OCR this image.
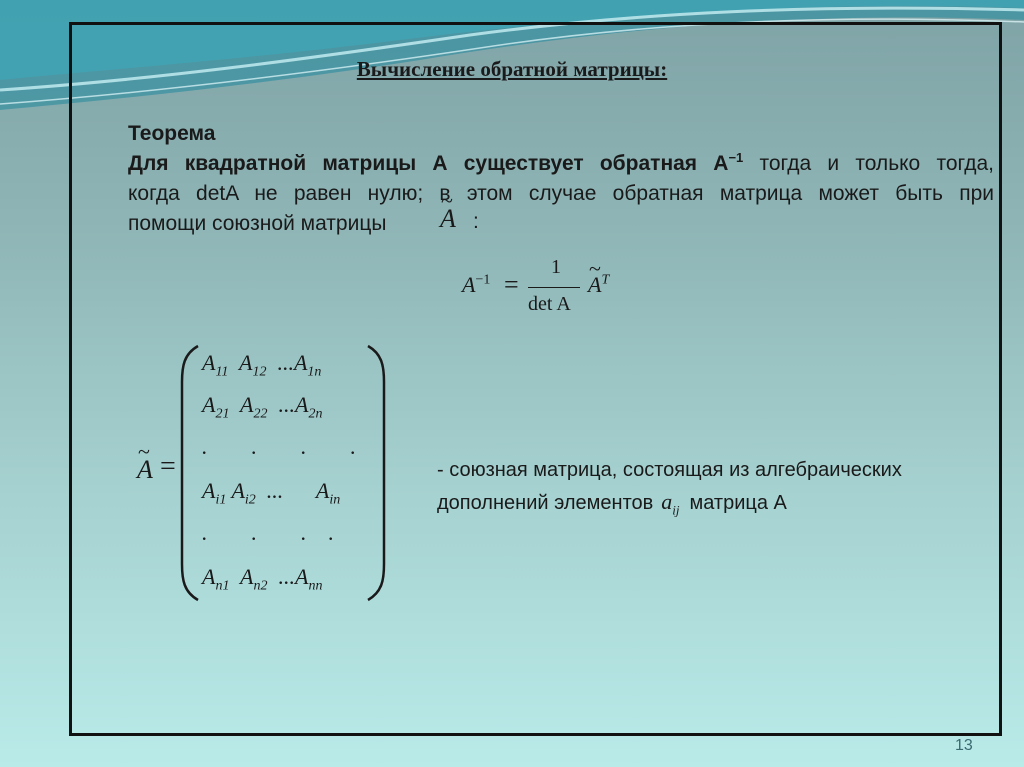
Вычисление обратной матрицы:
Теорема
Для квадратной матрицы А существует обратная $А^{-1}$ тогда и только тогда,
когда detA не равен нулю; в этом случае обратная матрица может быть при
помощи союзной матрицы
~	A :
$A^{-1}$ =
1
det A
~ $A^T$
~ A =
$A_{11}$  $A_{12}$  $...A_{1n}$
$A_{21}$  $A_{22}$  $...A_{2n}$
.        .        .        .
$A_{i1}$ $A_{i2}$  ...      $A_{in}$
.        .        .    .
$A_{n1}$  $A_{n2}$  $...A_{nn}$
- союзная матрица, состоящая из алгебраических
дополнений элементов $a_{ij}$ матрица А
13
